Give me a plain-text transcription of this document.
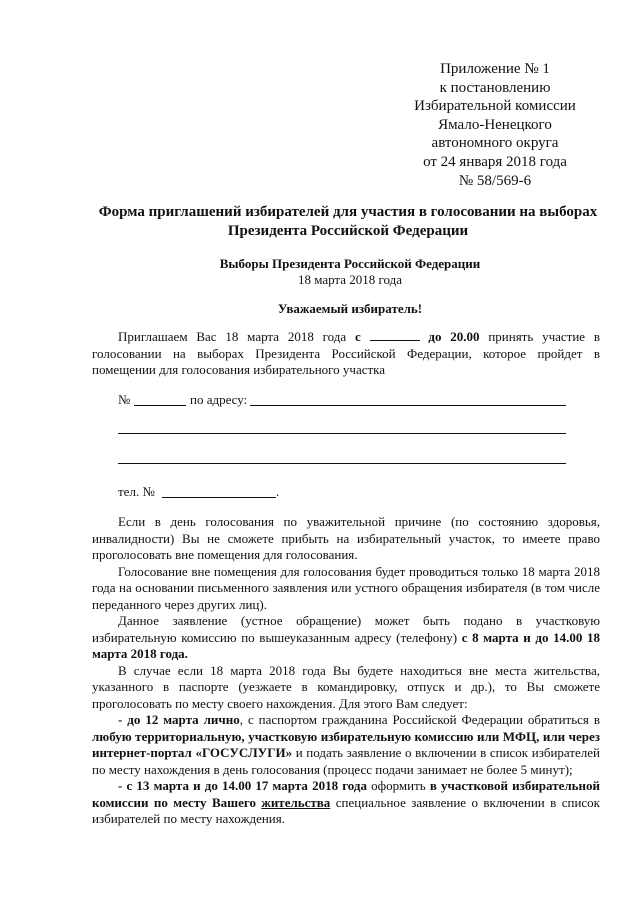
Приложение № 1
к постановлению
Избирательной комиссии
Ямало-Ненецкого
автономного округа
от 24 января 2018 года
№ 58/569-6
Форма приглашений избирателей для участия в голосовании на выборах
Президента Российской Федерации
Выборы Президента Российской Федерации
18 марта 2018 года
Уважаемый избиратель!

Приглашаем Вас 18 марта 2018 года с	до 20.00 принять участие в голосовании на выборах Президента Российской Федерации, которое пройдет в помещении для голосования избирательного участка

№	по адресу:
тел. №	.

Если в день голосования по уважительной причине (по состоянию здоровья, инвалидности) Вы не сможете прибыть на избирательный участок, то имеете право проголосовать вне помещения для голосования.

Голосование вне помещения для голосования будет проводиться только 18 марта 2018 года на основании письменного заявления или устного обращения избирателя (в том числе переданного через других лиц).

Данное заявление (устное обращение) может быть подано в участковую избирательную комиссию по вышеуказанным адресу (телефону) с 8 марта и до 14.00 18 марта 2018 года.

В случае если 18 марта 2018 года Вы будете находиться вне места жительства, указанного в паспорте (уезжаете в командировку, отпуск и др.), то Вы сможете проголосовать по месту своего нахождения. Для этого Вам следует:

- до 12 марта лично, с паспортом гражданина Российской Федерации обратиться в любую территориальную, участковую избирательную комиссию или МФЦ, или через интернет-портал «ГОСУСЛУГИ» и подать заявление о включении в список избирателей по месту нахождения в день голосования (процесс подачи занимает не более 5 минут);

- с 13 марта и до 14.00 17 марта 2018 года оформить в участковой избирательной комиссии по месту Вашего жительства специальное заявление о включении в список избирателей по месту нахождения.
